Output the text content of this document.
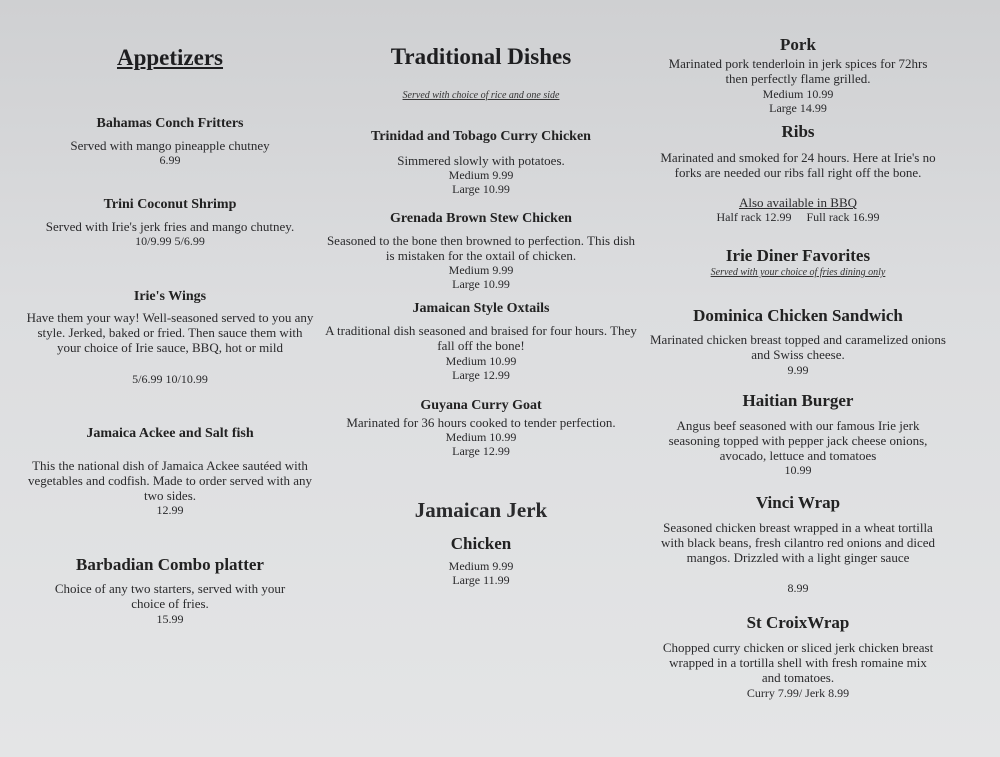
Appetizers
Bahamas Conch Fritters
Served with mango pineapple chutney
6.99
Trini Coconut Shrimp
Served with Irie's jerk fries and mango chutney.
10/9.99 5/6.99
Irie's Wings
Have them your way! Well-seasoned served to you any style. Jerked, baked or fried. Then sauce them with your choice of Irie sauce, BBQ, hot or mild
5/6.99 10/10.99
Jamaica Ackee and Salt fish
This the national dish of Jamaica Ackee sautéed with vegetables and codfish. Made to order served with any two sides.
12.99
Barbadian Combo platter
Choice of any two starters, served with your choice of fries.
15.99
Traditional Dishes
Served with choice of rice and one side
Trinidad and Tobago Curry Chicken
Simmered slowly with potatoes.
Medium 9.99
Large 10.99
Grenada Brown Stew Chicken
Seasoned to the bone then browned to perfection. This dish is mistaken for the oxtail of chicken.
Medium 9.99
Large 10.99
Jamaican Style Oxtails
A traditional dish seasoned and braised for four hours. They fall off the bone!
Medium 10.99
Large 12.99
Guyana Curry Goat
Marinated for 36 hours cooked to tender perfection.
Medium 10.99
Large 12.99
Jamaican Jerk
Chicken
Medium 9.99
Large 11.99
Pork
Marinated pork tenderloin in jerk spices for 72hrs then perfectly flame grilled.
Medium 10.99
Large 14.99
Ribs
Marinated and smoked for 24 hours. Here at Irie's no forks are needed our ribs fall right off the bone.
Also available in BBQ
Half rack 12.99     Full rack 16.99
Irie Diner Favorites
Served with your choice of fries dining only
Dominica Chicken Sandwich
Marinated chicken breast topped and caramelized onions and Swiss cheese.
9.99
Haitian Burger
Angus beef seasoned with our famous Irie jerk seasoning topped with pepper jack cheese onions, avocado, lettuce and tomatoes
10.99
Vinci Wrap
Seasoned chicken breast wrapped in a wheat tortilla with black beans, fresh cilantro red onions and diced mangos. Drizzled with a light ginger sauce
8.99
St CroixWrap
Chopped curry chicken or sliced jerk chicken breast wrapped in a tortilla shell with fresh romaine mix and tomatoes.
Curry 7.99/ Jerk 8.99
